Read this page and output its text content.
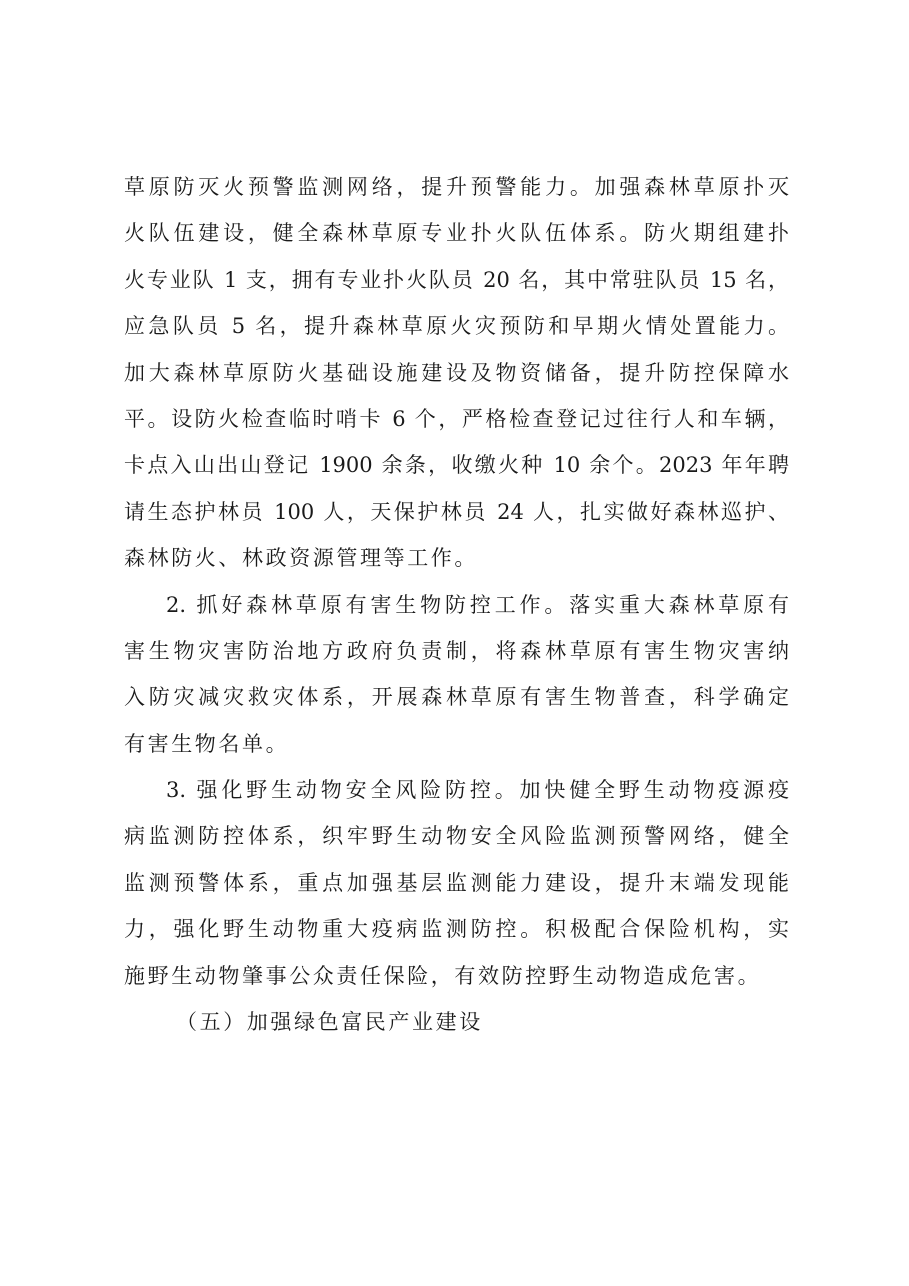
草原防灭火预警监测网络，提升预警能力。加强森林草原扑灭
火队伍建设，健全森林草原专业扑火队伍体系。防火期组建扑
火专业队 1 支，拥有专业扑火队员 20 名，其中常驻队员 15 名，
应急队员 5 名，提升森林草原火灾预防和早期火情处置能力。
加大森林草原防火基础设施建设及物资储备，提升防控保障水
平。设防火检查临时哨卡 6 个，严格检查登记过往行人和车辆，
卡点入山出山登记 1900 余条，收缴火种 10 余个。2023 年年聘
请生态护林员 100 人，天保护林员 24 人，扎实做好森林巡护、
森林防火、林政资源管理等工作。
2. 抓好森林草原有害生物防控工作。落实重大森林草原有
害生物灾害防治地方政府负责制，将森林草原有害生物灾害纳
入防灾减灾救灾体系，开展森林草原有害生物普查，科学确定
有害生物名单。
3. 强化野生动物安全风险防控。加快健全野生动物疫源疫
病监测防控体系，织牢野生动物安全风险监测预警网络，健全
监测预警体系，重点加强基层监测能力建设，提升末端发现能
力，强化野生动物重大疫病监测防控。积极配合保险机构，实
施野生动物肇事公众责任保险，有效防控野生动物造成危害。
（五）加强绿色富民产业建设
